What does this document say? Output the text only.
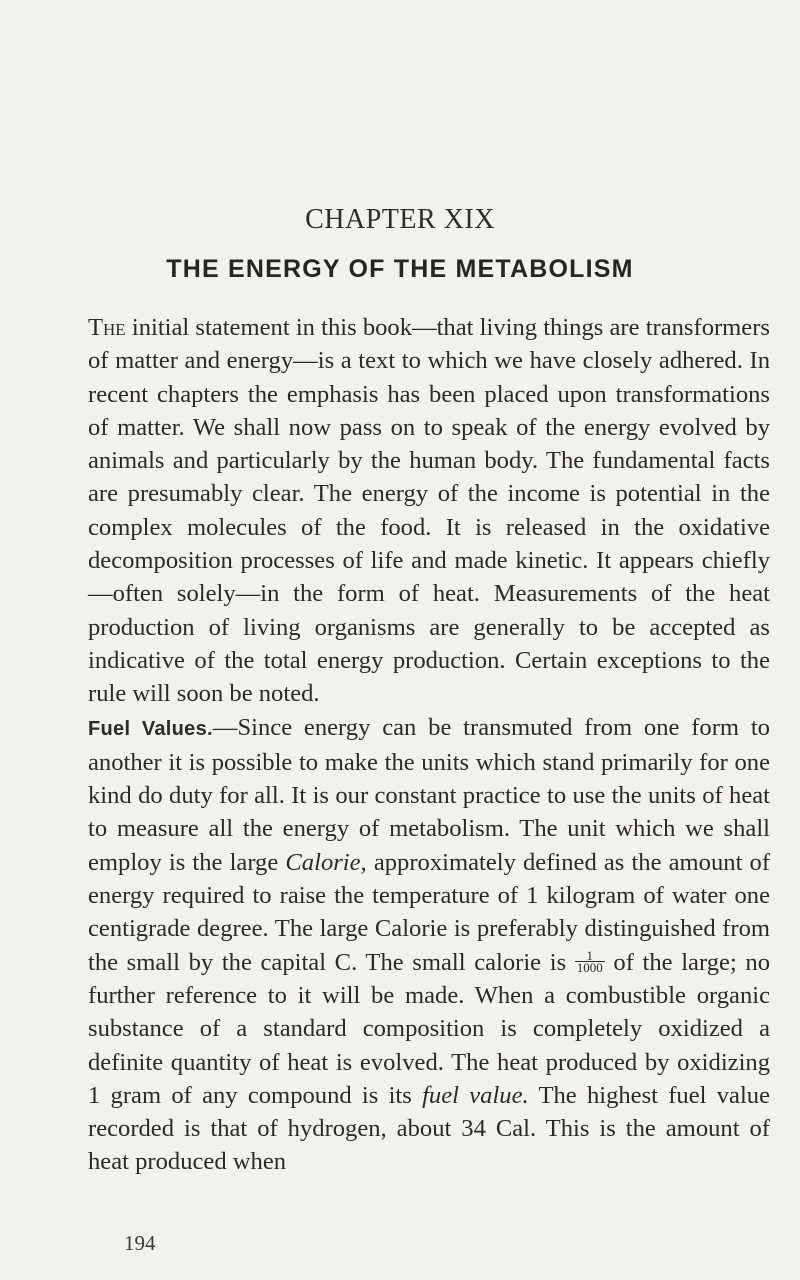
CHAPTER XIX
THE ENERGY OF THE METABOLISM

The initial statement in this book—that living things are transformers of matter and energy—is a text to which we have closely adhered. In recent chapters the emphasis has been placed upon transformations of matter. We shall now pass on to speak of the energy evolved by animals and particularly by the human body. The fundamental facts are presumably clear. The energy of the income is potential in the complex molecules of the food. It is released in the oxidative decomposition processes of life and made kinetic. It appears chiefly—often solely—in the form of heat. Measurements of the heat production of living organisms are generally to be accepted as indicative of the total energy production. Certain exceptions to the rule will soon be noted.

Fuel Values.—Since energy can be transmuted from one form to another it is possible to make the units which stand primarily for one kind do duty for all. It is our constant practice to use the units of heat to measure all the energy of metabolism. The unit which we shall employ is the large Calorie, approximately defined as the amount of energy required to raise the temperature of 1 kilogram of water one centigrade degree. The large Calorie is preferably distinguished from the small by the capital C. The small calorie is $\frac{1}{1000}$ of the large; no further reference to it will be made. When a combustible organic substance of a standard composition is completely oxidized a definite quantity of heat is evolved. The heat produced by oxidizing 1 gram of any compound is its fuel value. The highest fuel value recorded is that of hydrogen, about 34 Cal. This is the amount of heat produced when

194
